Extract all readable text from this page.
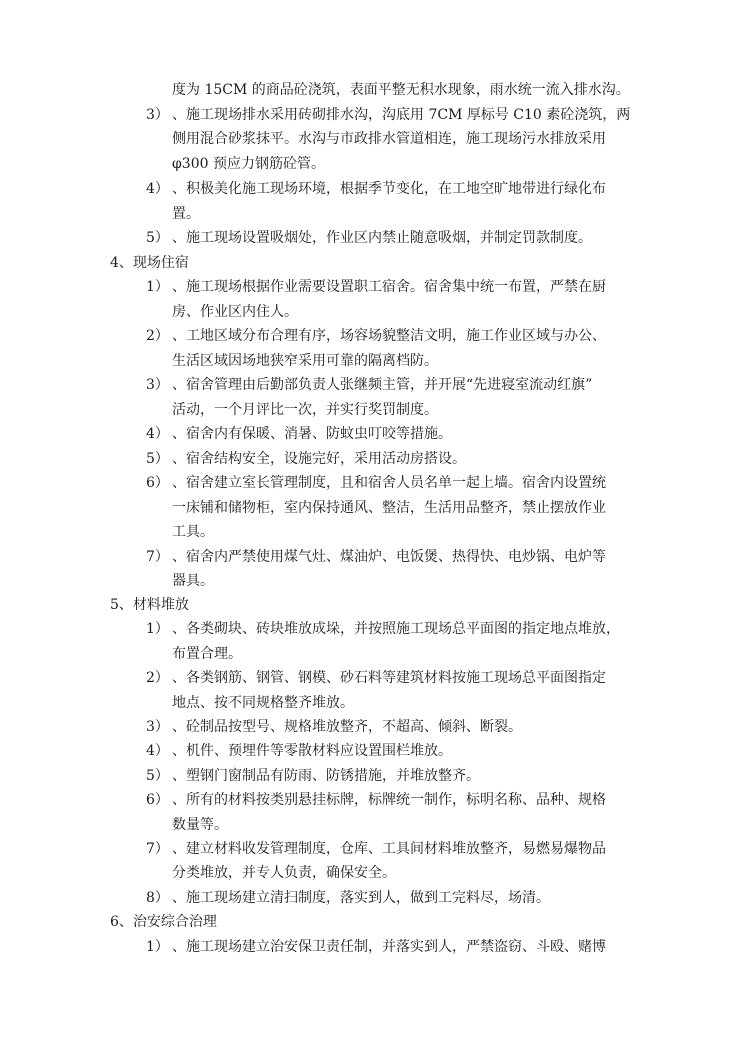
度为 15CM 的商品砼浇筑，表面平整无积水现象，雨水统一流入排水沟。
3） 、施工现场排水采用砖砌排水沟，沟底用 7CM 厚标号 C10 素砼浇筑，两
侧用混合砂浆抹平。水沟与市政排水管道相连，施工现场污水排放采用
φ300 预应力钢筋砼管。
4） 、积极美化施工现场环境，根据季节变化，在工地空旷地带进行绿化布
置。
5） 、施工现场设置吸烟处，作业区内禁止随意吸烟，并制定罚款制度。
4、现场住宿
1） 、施工现场根据作业需要设置职工宿舍。宿舍集中统一布置，严禁在厨
房、作业区内住人。
2） 、工地区域分布合理有序，场容场貌整洁文明，施工作业区域与办公、
生活区域因场地狭窄采用可靠的隔离档防。
3） 、宿舍管理由后勤部负责人张继频主管，并开展“先进寝室流动红旗”
活动，一个月评比一次，并实行奖罚制度。
4） 、宿舍内有保暖、消暑、防蚊虫叮咬等措施。
5） 、宿舍结构安全，设施完好，采用活动房搭设。
6） 、宿舍建立室长管理制度，且和宿舍人员名单一起上墙。宿舍内设置统
一床铺和储物柜，室内保持通风、整洁，生活用品整齐，禁止摆放作业
工具。
7） 、宿舍内严禁使用煤气灶、煤油炉、电饭煲、热得快、电炒锅、电炉等
器具。
5、材料堆放
1） 、各类砌块、砖块堆放成垛，并按照施工现场总平面图的指定地点堆放，
布置合理。
2） 、各类钢筋、钢管、钢模、砂石料等建筑材料按施工现场总平面图指定
地点、按不同规格整齐堆放。
3） 、砼制品按型号、规格堆放整齐，不超高、倾斜、断裂。
4） 、机件、预埋件等零散材料应设置围栏堆放。
5） 、塑钢门窗制品有防雨、防锈措施，并堆放整齐。
6） 、所有的材料按类别悬挂标牌，标牌统一制作，标明名称、品种、规格
数量等。
7） 、建立材料收发管理制度，仓库、工具间材料堆放整齐，易燃易爆物品
分类堆放，并专人负责，确保安全。
8） 、施工现场建立清扫制度，落实到人，做到工完料尽，场清。
6、治安综合治理
1） 、施工现场建立治安保卫责任制，并落实到人，严禁盗窃、斗殴、赌博
